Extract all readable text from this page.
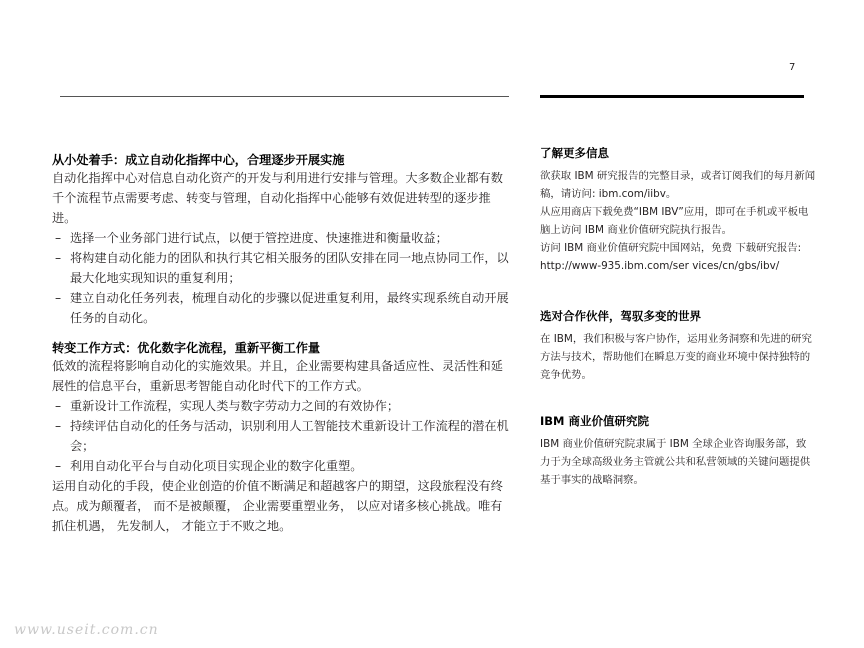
7
从小处着手：成立自动化指挥中心，合理逐步开展实施

自动化指挥中心对信息自动化资产的开发与利用进行安排与管理。大多数企业都有数千个流程节点需要考虑、转变与管理，自动化指挥中心能够有效促进转型的逐步推进。

– 选择一个业务部门进行试点，以便于管控进度、快速推进和衡量收益；
– 将构建自动化能力的团队和执行其它相关服务的团队安排在同一地点协同工作，以最大化地实现知识的重复利用；
– 建立自动化任务列表，梳理自动化的步骤以促进重复利用，最终实现系统自动开展任务的自动化。
转变工作方式：优化数字化流程，重新平衡工作量

低效的流程将影响自动化的实施效果。并且，企业需要构建具备适应性、灵活性和延展性的信息平台，重新思考智能自动化时代下的工作方式。

– 重新设计工作流程，实现人类与数字劳动力之间的有效协作；
– 持续评估自动化的任务与活动，识别利用人工智能技术重新设计工作流程的潜在机会；
– 利用自动化平台与自动化项目实现企业的数字化重塑。

运用自动化的手段，使企业创造的价值不断满足和超越客户的期望，这段旅程没有终点。成为颠覆者， 而不是被颠覆， 企业需要重塑业务， 以应对诸多核心挑战。唯有抓住机遇， 先发制人， 才能立于不败之地。

了解更多信息

欲获取 IBM 研究报告的完整目录，或者订阅我们的每月新闻稿，请访问: ibm.com/iibv。

从应用商店下载免费“IBM IBV”应用，即可在手机或平板电脑上访问 IBM 商业价值研究院执行报告。

访问 IBM 商业价值研究院中国网站，免费 下载研究报告: http://www-935.ibm.com/ser vices/cn/gbs/ibv/

选对合作伙伴，驾驭多变的世界

在 IBM，我们积极与客户协作，运用业务洞察和先进的研究方法与技术，帮助他们在瞬息万变的商业环境中保持独特的竞争优势。

IBM 商业价值研究院

IBM 商业价值研究院隶属于 IBM 全球企业咨询服务部，致力于为全球高级业务主管就公共和私营领域的关键问题提供基于事实的战略洞察。

www.useit.com.cn
